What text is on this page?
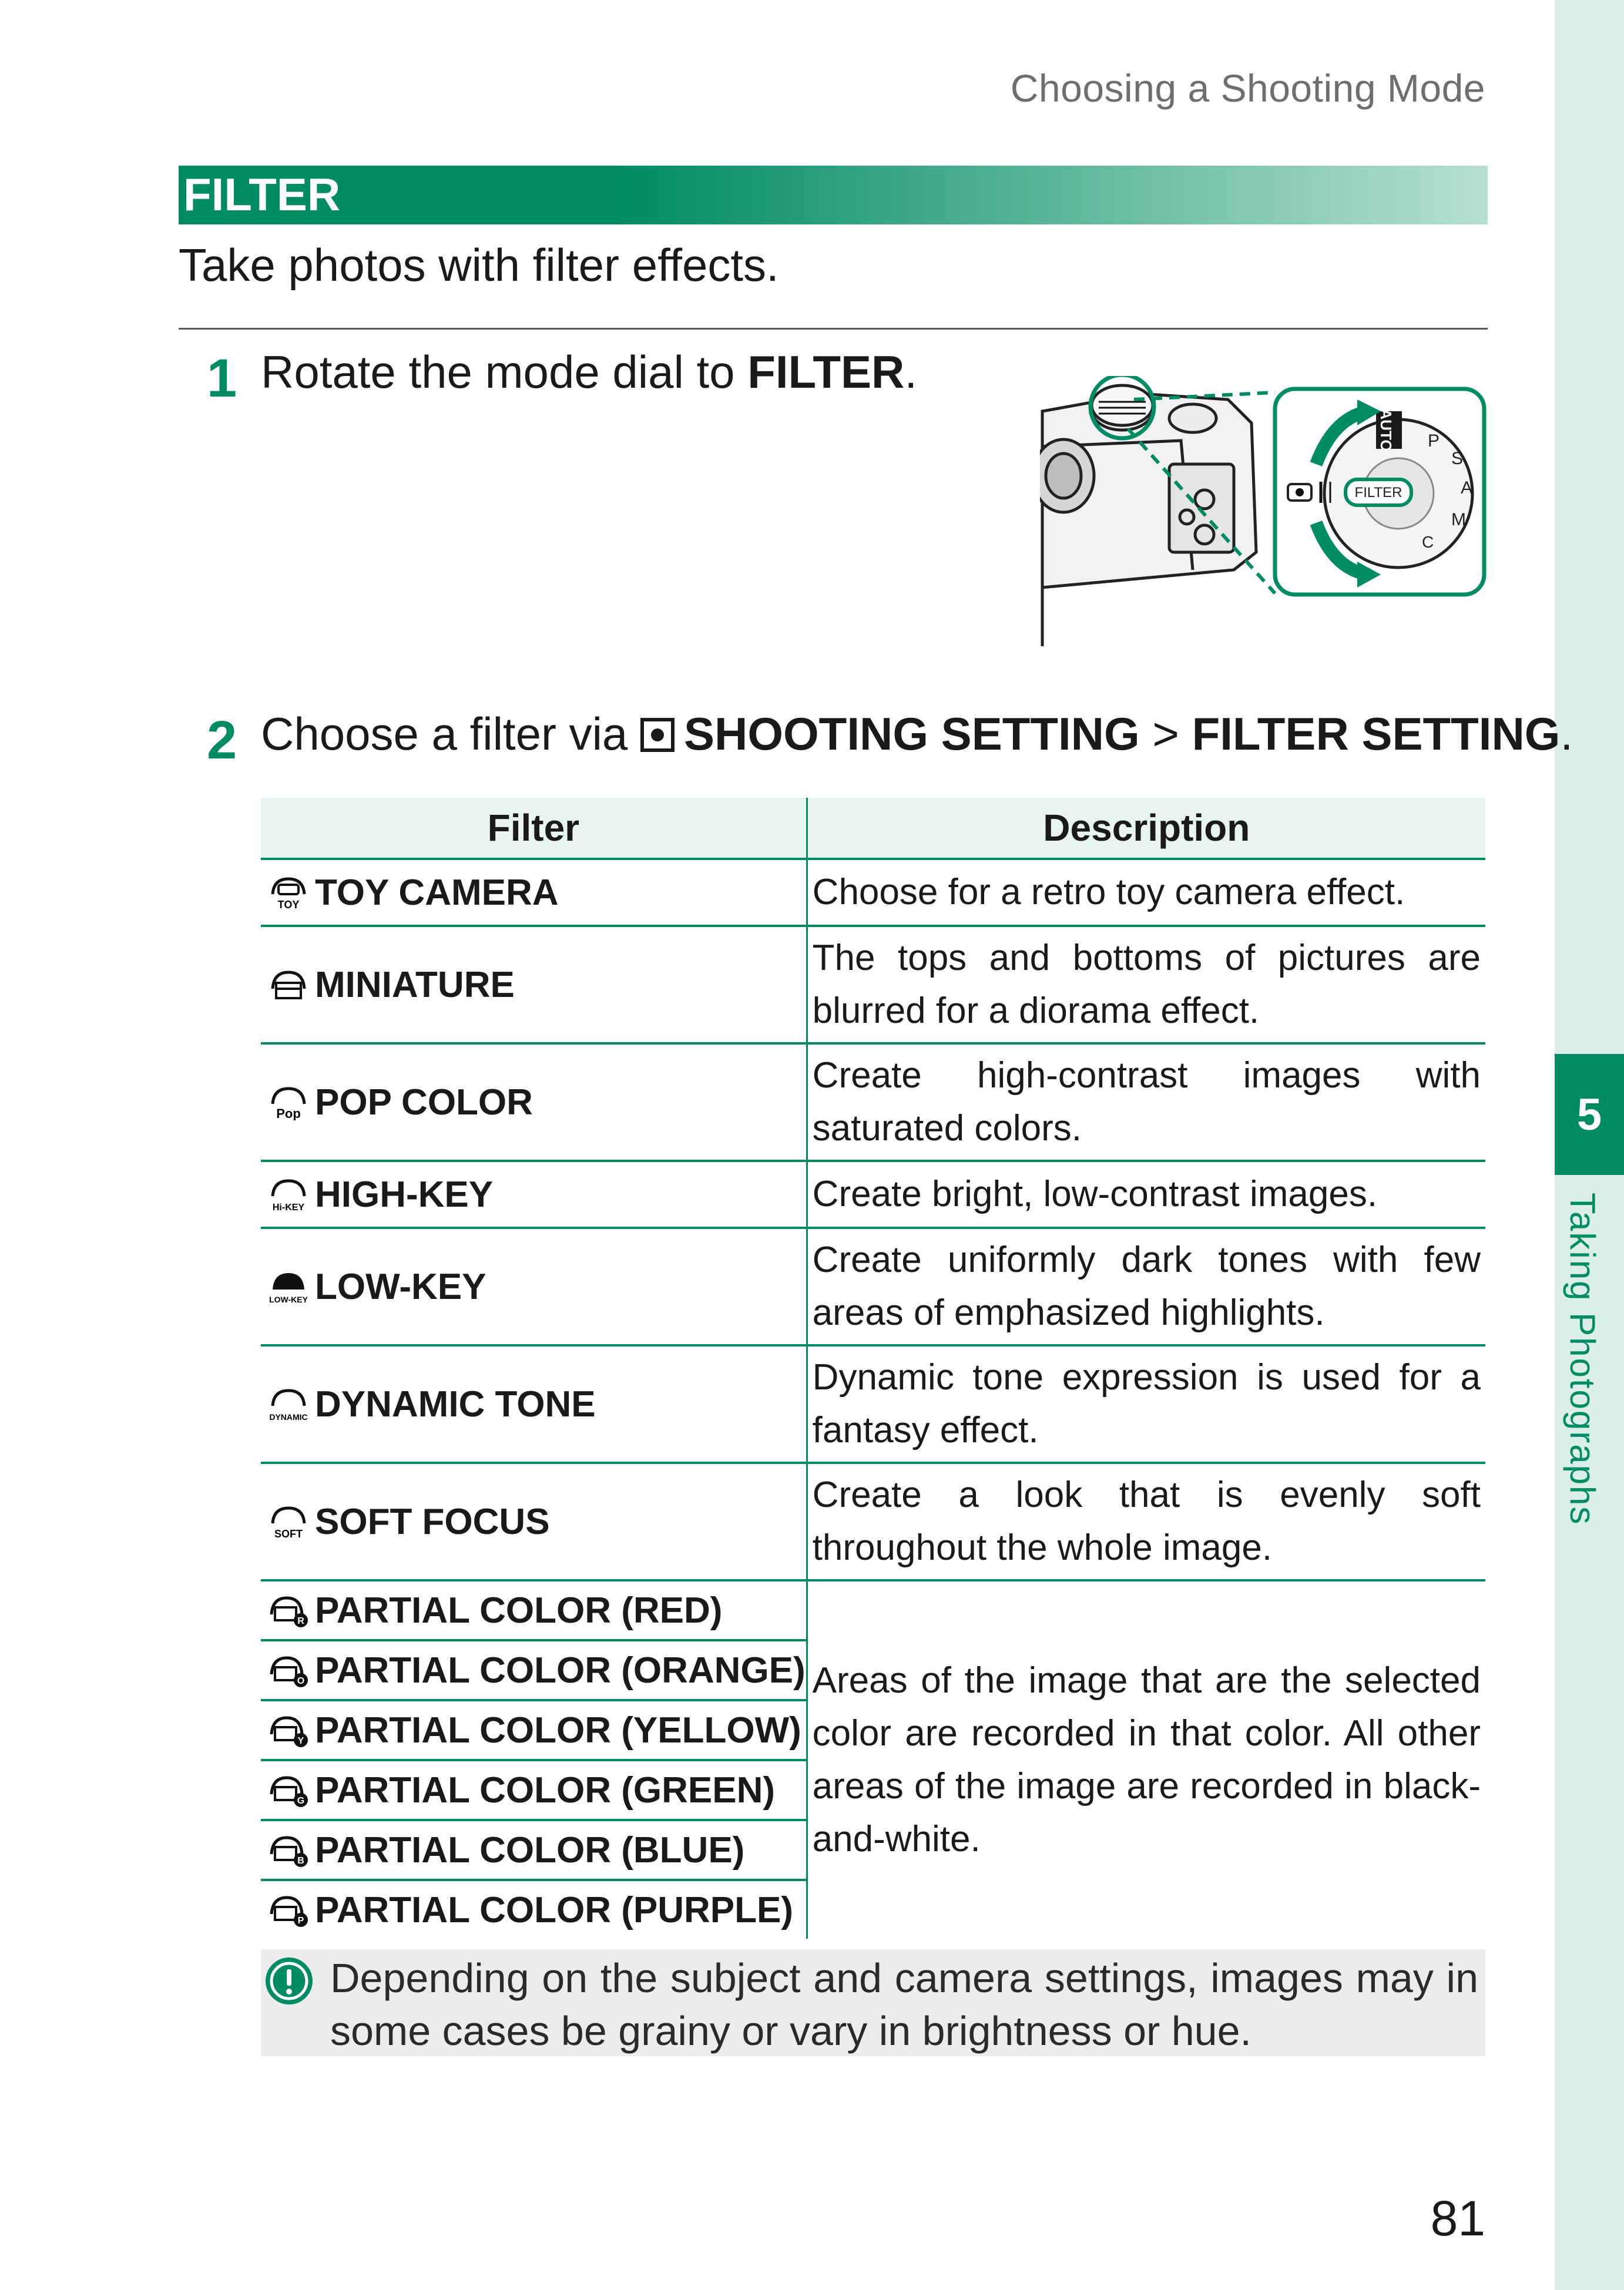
5
Taking Photographs
Choosing a Shooting Mode
FILTER
Take photos with filter effects.
1 Rotate the mode dial to FILTER.
AUTO P
S
A
M
C
FILTER
2 Choose a filter via SHOOTING SETTING > FILTER SETTING.
Filter	Description

TOY TOY CAMERA	Choose for a retro toy camera effect.
MINIATURE	The tops and bottoms of pictures are blurred for a diorama effect.

Pop POP COLOR	Create high-contrast images with saturated colors.

Hi-KEY HIGH-KEY	Create bright, low-contrast images.

LOW-KEY LOW-KEY	Create uniformly dark tones with few areas of emphasized highlights.

DYNAMIC DYNAMIC TONE	Dynamic tone expression is used for a fantasy effect.

SOFT SOFT FOCUS	Create a look that is evenly soft throughout the whole image.

R PARTIAL COLOR (RED)	Areas of the image that are the selected color are recorded in that color. All other areas of the image are recorded in black-and-white.

O PARTIAL COLOR (ORANGE)	

Y PARTIAL COLOR (YELLOW)	

G PARTIAL COLOR (GREEN)	

B PARTIAL COLOR (BLUE)	

P PARTIAL COLOR (PURPLE)	
Depending on the subject and camera settings, images may in some cases be grainy or vary in brightness or hue.
81
